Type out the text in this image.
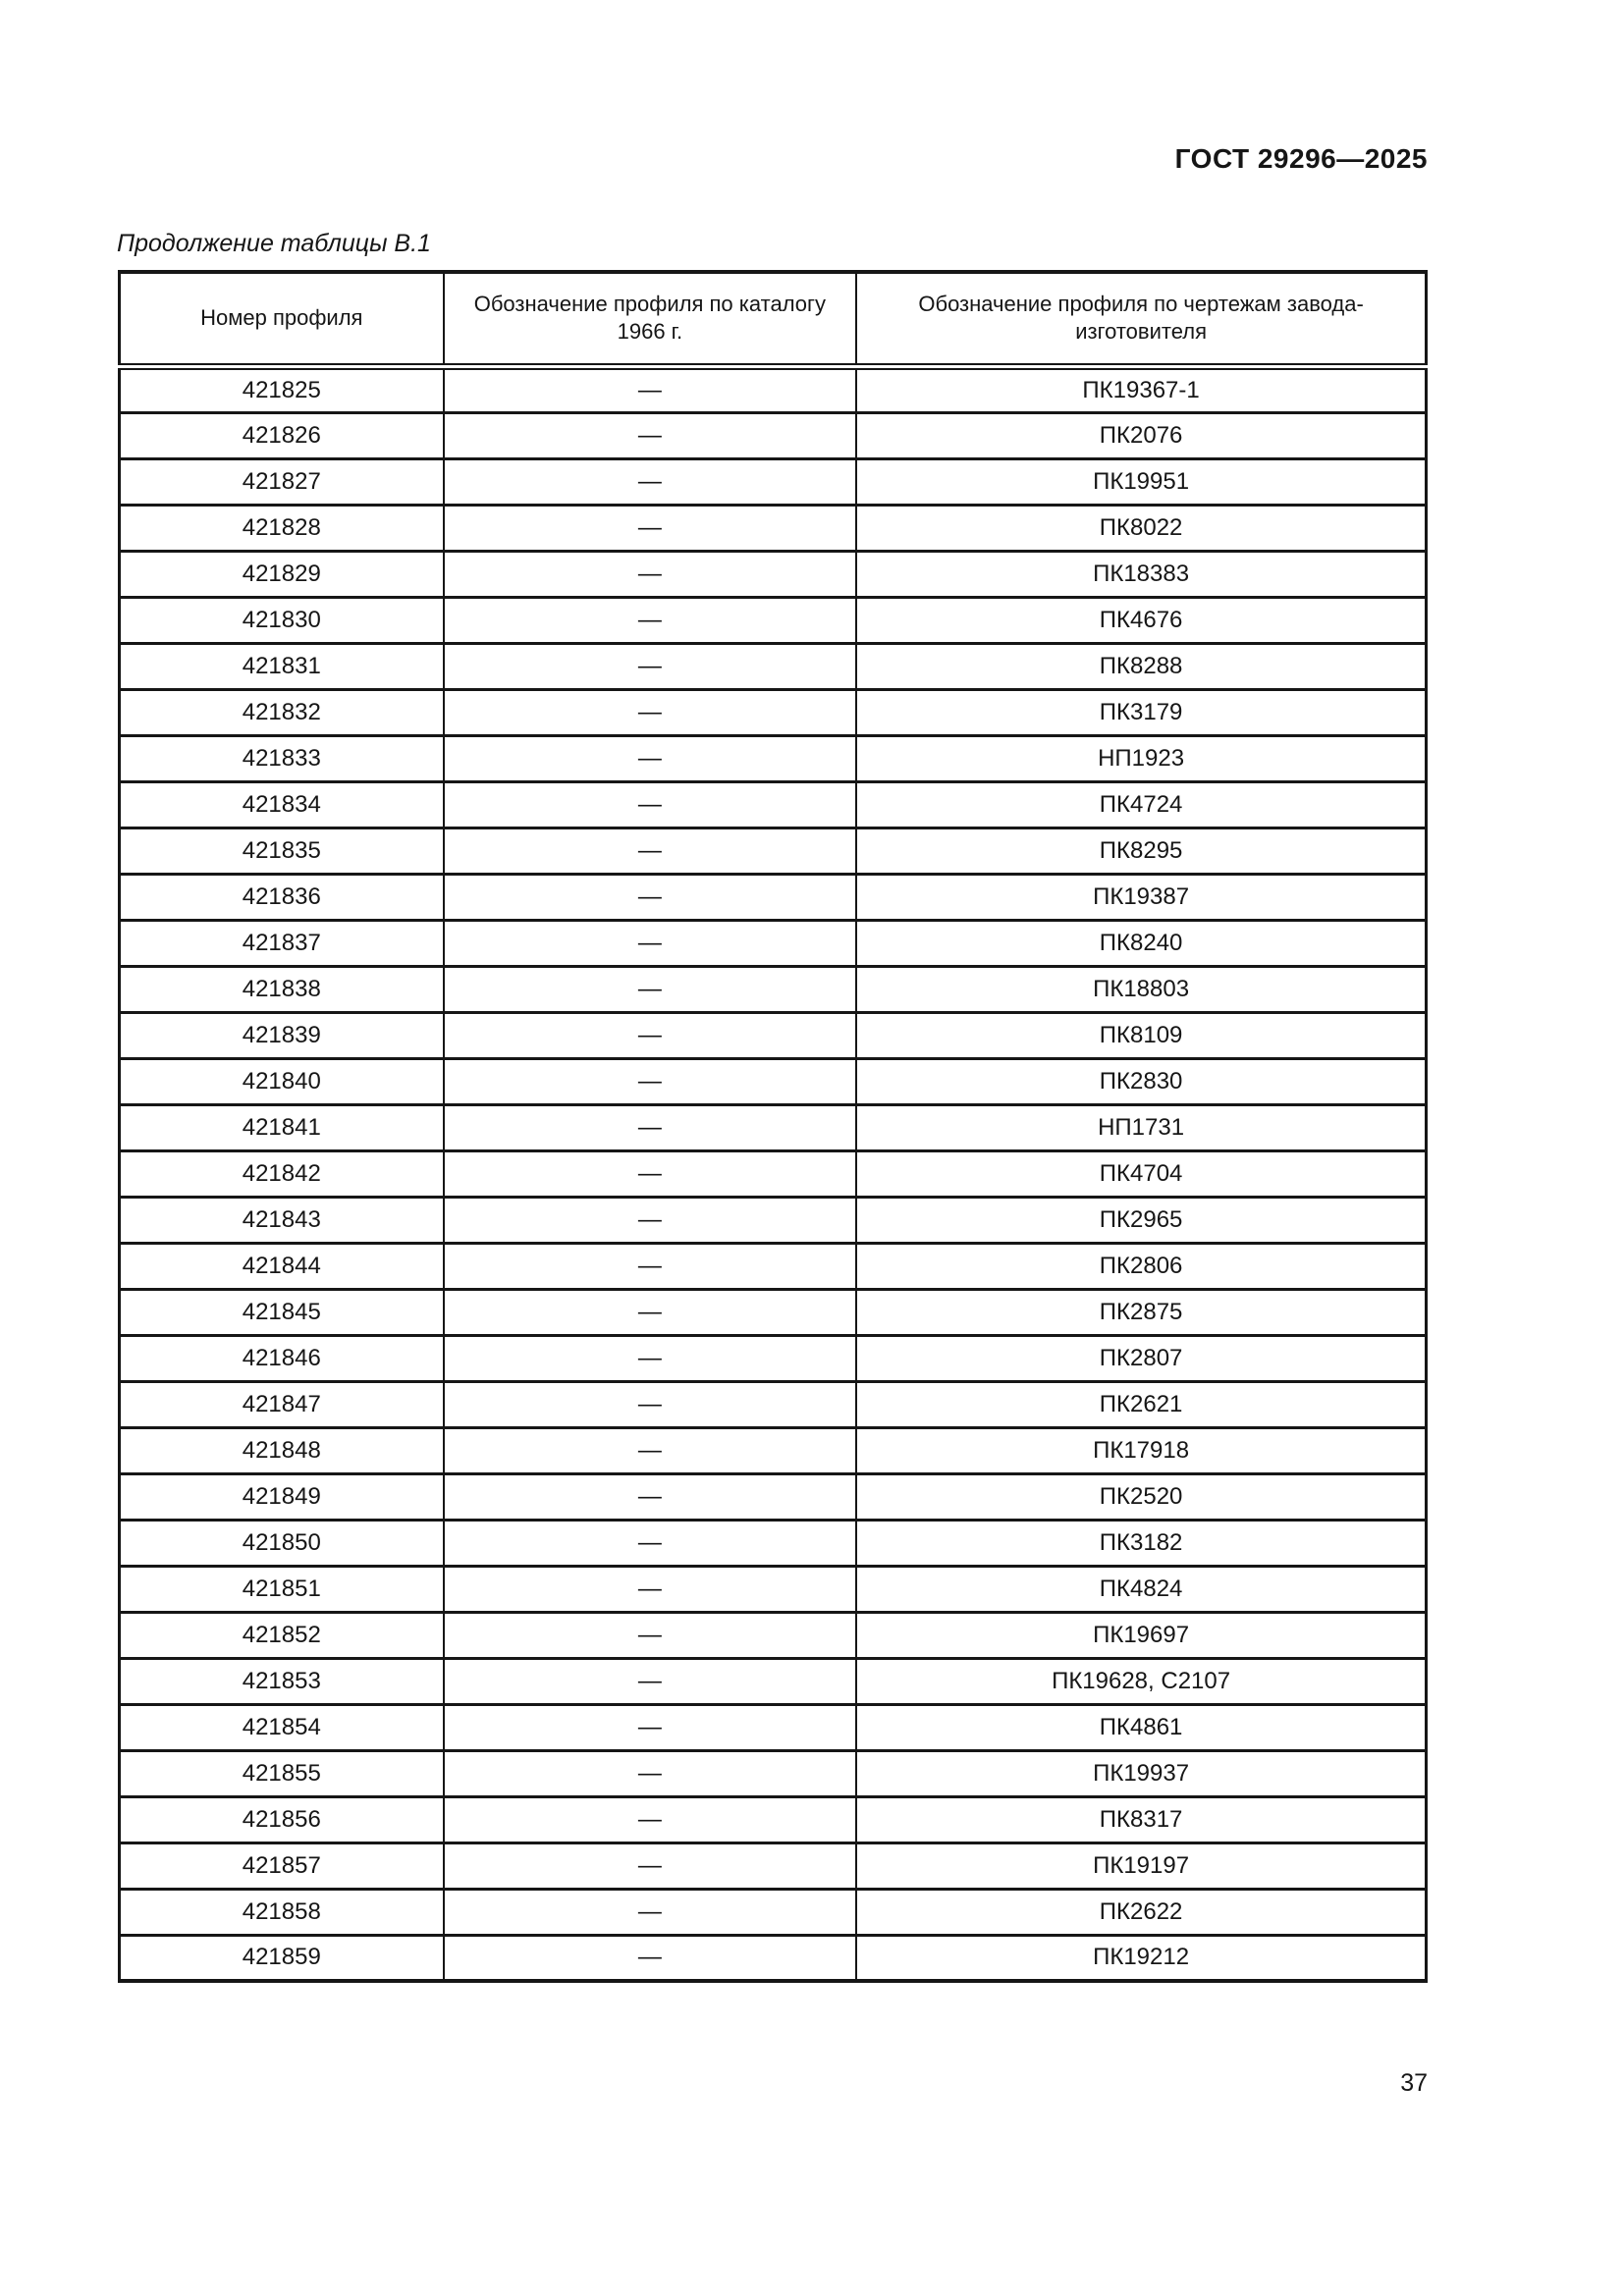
ГОСТ 29296—2025
Продолжение таблицы В.1
Номер профиля	Обозначение профиля по каталогу 1966 г.	Обозначение профиля по чертежам завода-изготовителя
421825	—	ПК19367-1
421826	—	ПК2076
421827	—	ПК19951
421828	—	ПК8022
421829	—	ПК18383
421830	—	ПК4676
421831	—	ПК8288
421832	—	ПК3179
421833	—	НП1923
421834	—	ПК4724
421835	—	ПК8295
421836	—	ПК19387
421837	—	ПК8240
421838	—	ПК18803
421839	—	ПК8109
421840	—	ПК2830
421841	—	НП1731
421842	—	ПК4704
421843	—	ПК2965
421844	—	ПК2806
421845	—	ПК2875
421846	—	ПК2807
421847	—	ПК2621
421848	—	ПК17918
421849	—	ПК2520
421850	—	ПК3182
421851	—	ПК4824
421852	—	ПК19697
421853	—	ПК19628, С2107
421854	—	ПК4861
421855	—	ПК19937
421856	—	ПК8317
421857	—	ПК19197
421858	—	ПК2622
421859	—	ПК19212
37
